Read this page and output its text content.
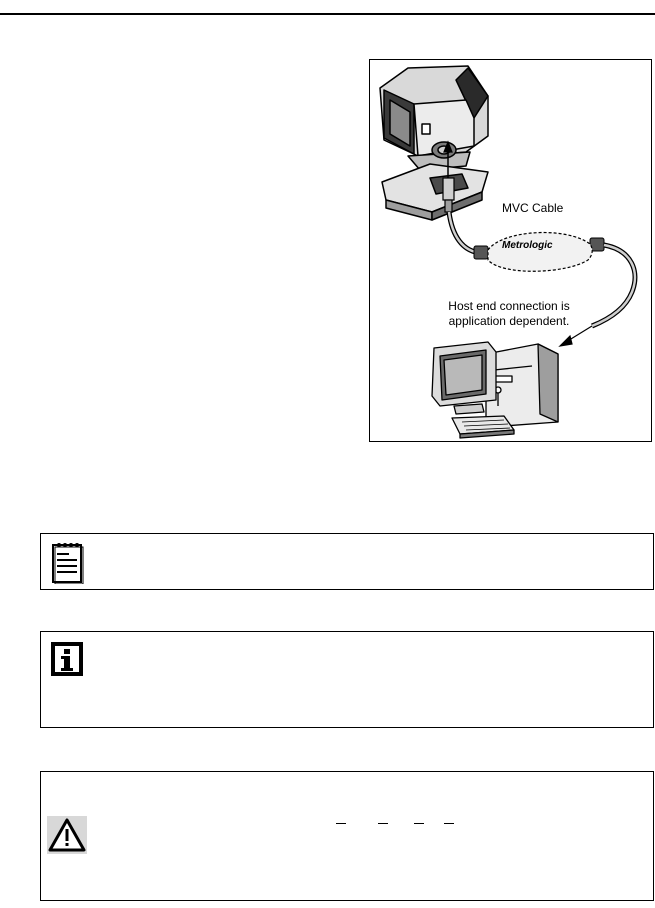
MVC Cable
Metrologic
Host end connection is
application dependent.
